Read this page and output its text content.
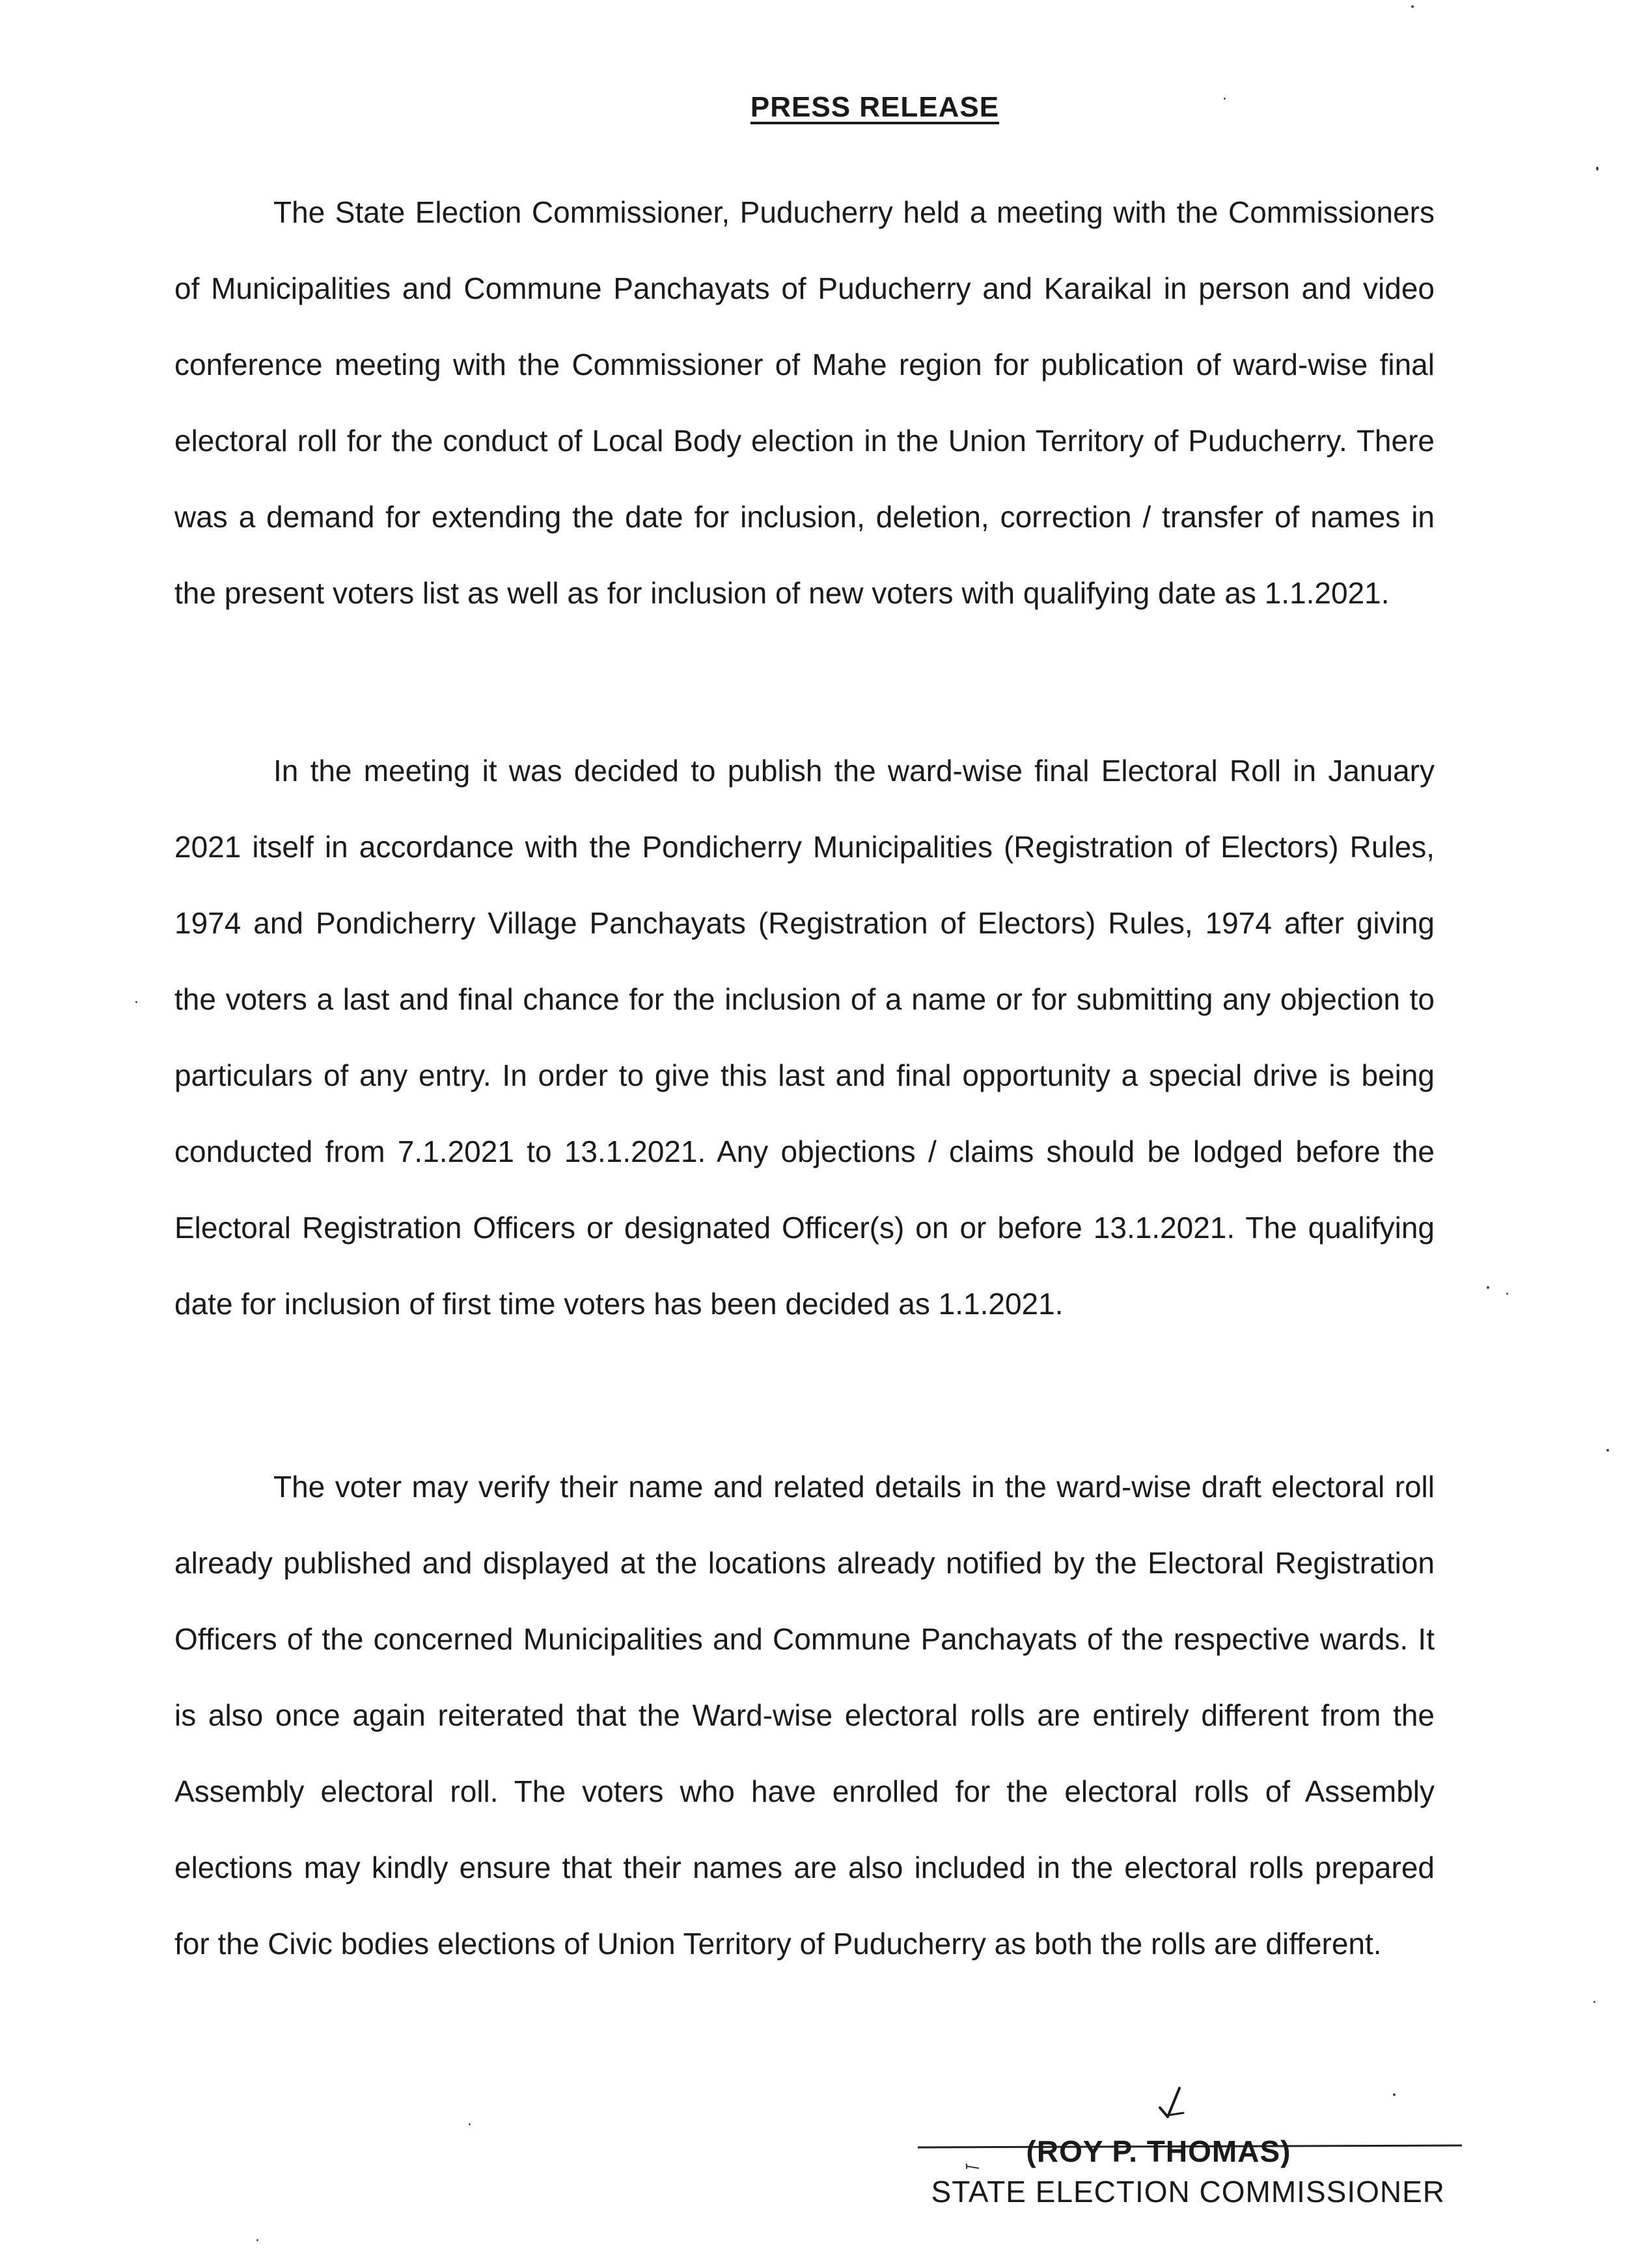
PRESS RELEASE

The State Election Commissioner, Puducherry held a meeting with the Commissioners of Municipalities and Commune Panchayats of Puducherry and Karaikal in person and video conference meeting with the Commissioner of Mahe region for publication of ward-wise final electoral roll for the conduct of Local Body election in the Union Territory of Puducherry. There was a demand for extending the date for inclusion, deletion, correction / transfer of names in the present voters list as well as for inclusion of new voters with qualifying date as 1.1.2021.

In the meeting it was decided to publish the ward-wise final Electoral Roll in January 2021 itself in accordance with the Pondicherry Municipalities (Registration of Electors) Rules, 1974 and Pondicherry Village Panchayats (Registration of Electors) Rules, 1974 after giving the voters a last and final chance for the inclusion of a name or for submitting any objection to particulars of any entry. In order to give this last and final opportunity a special drive is being conducted from 7.1.2021 to 13.1.2021. Any objections / claims should be lodged before the Electoral Registration Officers or designated Officer(s) on or before 13.1.2021. The qualifying date for inclusion of first time voters has been decided as 1.1.2021.

The voter may verify their name and related details in the ward-wise draft electoral roll already published and displayed at the locations already notified by the Electoral Registration Officers of the concerned Municipalities and Commune Panchayats of the respective wards. It is also once again reiterated that the Ward-wise electoral rolls are entirely different from the Assembly electoral roll. The voters who have enrolled for the electoral rolls of Assembly elections may kindly ensure that their names are also included in the electoral rolls prepared for the Civic bodies elections of Union Territory of Puducherry as both the rolls are different.

(ROY P. THOMAS)
STATE ELECTION COMMISSIONER
